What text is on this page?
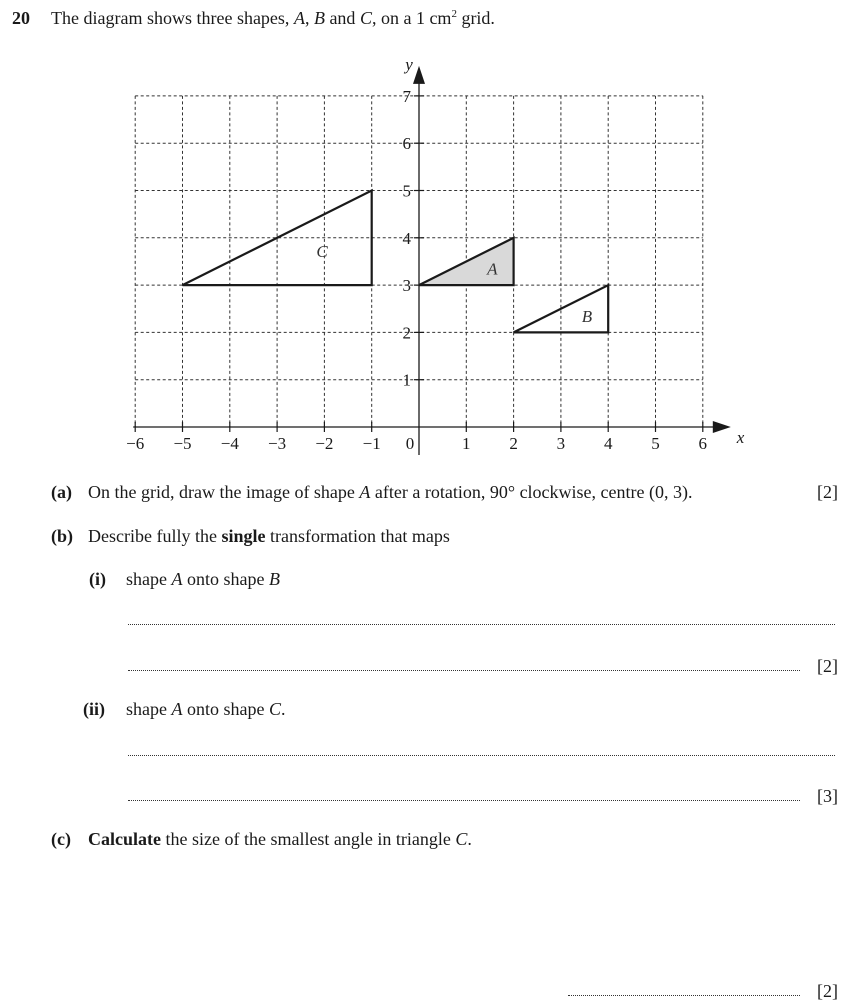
20 The diagram shows three shapes, A, B and C, on a 1 $cm^2$ grid.
A
B
C
−6 −5 −4 −3 −2 −1 0	1 2 3 4 5 6
1
2
3
4
5
6
7
x
y
(a) On the grid, draw the image of shape A after a rotation, 90° clockwise, centre (0, 3).	[2]
(b) Describe fully the single transformation that maps
(i) shape A onto shape B
[2]
(ii) shape A onto shape C.
[3]
(c) Calculate the size of the smallest angle in triangle C.
[2]
